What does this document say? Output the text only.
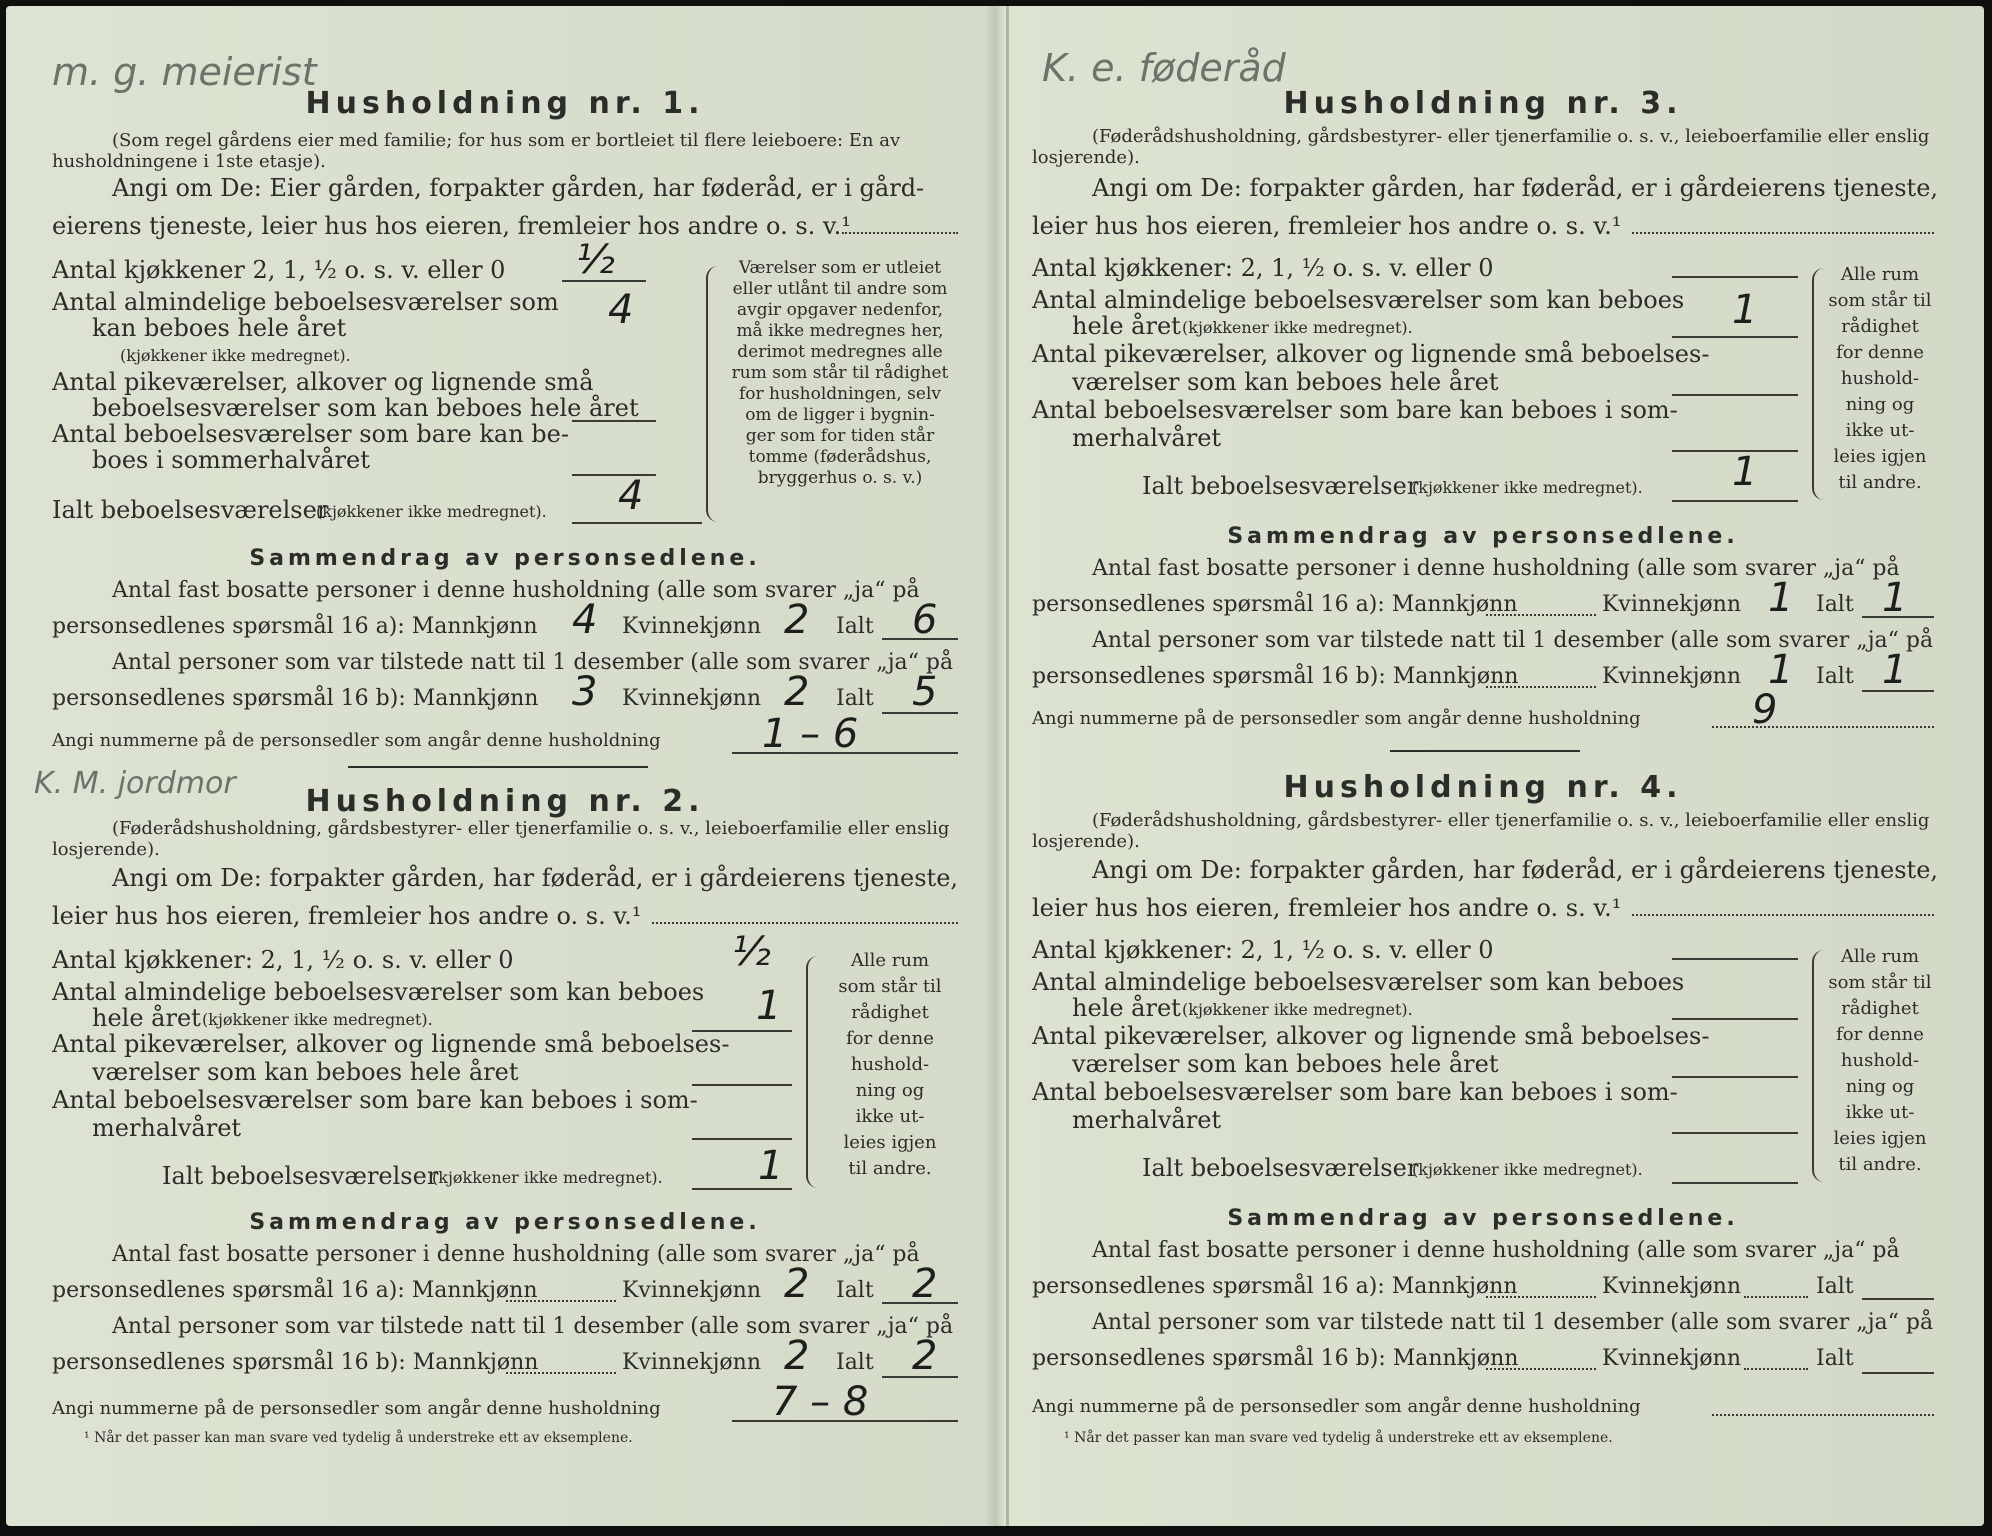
m. g. meierist
Husholdning nr. 1.
(Som regel gårdens eier med familie; for hus som er bortleiet til flere leieboere: En av husholdningene i 1ste etasje).
Angi om De: Eier gården, forpakter gården, har føderåd, er i gård-
eierens tjeneste, leier hus hos eieren, fremleier hos andre o. s. v.¹
Antal kjøkkener 2, 1, ½ o. s. v. eller 0 ½
Antal almindelige beboelsesværelser som
kan beboes hele året
(kjøkkener ikke medregnet).
4
Antal pikeværelser, alkover og lignende små
beboelsesværelser som kan beboes hele året
Antal beboelsesværelser som bare kan be-
boes i sommerhalvåret
Ialt beboelsesværelser
(kjøkkener ikke medregnet). 4
Værelser som er utleiet
eller utlånt til andre som
avgir opgaver nedenfor,
må ikke medregnes her,
derimot medregnes alle
rum som står til rådighet
for husholdningen, selv
om de ligger i bygnin-
ger som for tiden står
tomme (føderådshus,
bryggerhus o. s. v.)
Sammendrag av personsedlene.
Antal fast bosatte personer i denne husholdning (alle som svarer „ja“ på
personsedlenes spørsmål 16 a): Mannkjønn 4 Kvinnekjønn 2 Ialt 6
Antal personer som var tilstede natt til 1 desember (alle som svarer „ja“ på
personsedlenes spørsmål 16 b): Mannkjønn 3 Kvinnekjønn 2 Ialt 5
Angi nummerne på de personsedler som angår denne husholdning	1 – 6
K. M. jordmor
Husholdning nr. 2.
(Føderådshusholdning, gårdsbestyrer- eller tjenerfamilie o. s. v., leieboerfamilie eller enslig losjerende).
Angi om De: forpakter gården, har føderåd, er i gårdeierens tjeneste,
leier hus hos eieren, fremleier hos andre o. s. v.¹
Antal kjøkkener: 2, 1, ½ o. s. v. eller 0	½
Antal almindelige beboelsesværelser som kan beboes
hele året (kjøkkener ikke medregnet).	1
Antal pikeværelser, alkover og lignende små beboelses-
værelser som kan beboes hele året
Antal beboelsesværelser som bare kan beboes i som-
merhalvåret
Ialt beboelsesværelser
(kjøkkener ikke medregnet). 1
Alle rum
som står til
rådighet
for denne
hushold-
ning og
ikke ut-
leies igjen
til andre.
Sammendrag av personsedlene.
Antal fast bosatte personer i denne husholdning (alle som svarer „ja“ på
personsedlenes spørsmål 16 a): Mannkjønn	Kvinnekjønn 2 Ialt 2
Antal personer som var tilstede natt til 1 desember (alle som svarer „ja“ på
personsedlenes spørsmål 16 b): Mannkjønn	Kvinnekjønn 2 Ialt 2
Angi nummerne på de personsedler som angår denne husholdning	7 – 8
¹ Når det passer kan man svare ved tydelig å understreke ett av eksemplene.
K. e. føderåd
Husholdning nr. 3.
(Føderådshusholdning, gårdsbestyrer- eller tjenerfamilie o. s. v., leieboerfamilie eller enslig losjerende).
Angi om De: forpakter gården, har føderåd, er i gårdeierens tjeneste,
leier hus hos eieren, fremleier hos andre o. s. v.¹
Antal kjøkkener: 2, 1, ½ o. s. v. eller 0
Antal almindelige beboelsesværelser som kan beboes
hele året (kjøkkener ikke medregnet).	1
Antal pikeværelser, alkover og lignende små beboelses-
værelser som kan beboes hele året
Antal beboelsesværelser som bare kan beboes i som-
merhalvåret
Ialt beboelsesværelser
(kjøkkener ikke medregnet). 1
Alle rum
som står til
rådighet
for denne
hushold-
ning og
ikke ut-
leies igjen
til andre.
Sammendrag av personsedlene.
Antal fast bosatte personer i denne husholdning (alle som svarer „ja“ på
personsedlenes spørsmål 16 a): Mannkjønn	Kvinnekjønn 1 Ialt 1
Antal personer som var tilstede natt til 1 desember (alle som svarer „ja“ på
personsedlenes spørsmål 16 b): Mannkjønn	Kvinnekjønn 1 Ialt 1
Angi nummerne på de personsedler som angår denne husholdning	9
Husholdning nr. 4.
(Føderådshusholdning, gårdsbestyrer- eller tjenerfamilie o. s. v., leieboerfamilie eller enslig losjerende).
Angi om De: forpakter gården, har føderåd, er i gårdeierens tjeneste,
leier hus hos eieren, fremleier hos andre o. s. v.¹
Antal kjøkkener: 2, 1, ½ o. s. v. eller 0
Antal almindelige beboelsesværelser som kan beboes
hele året (kjøkkener ikke medregnet).
Antal pikeværelser, alkover og lignende små beboelses-
værelser som kan beboes hele året
Antal beboelsesværelser som bare kan beboes i som-
merhalvåret
Ialt beboelsesværelser
(kjøkkener ikke medregnet).
Alle rum
som står til
rådighet
for denne
hushold-
ning og
ikke ut-
leies igjen
til andre.
Sammendrag av personsedlene.
Antal fast bosatte personer i denne husholdning (alle som svarer „ja“ på
personsedlenes spørsmål 16 a): Mannkjønn	Kvinnekjønn	Ialt
Antal personer som var tilstede natt til 1 desember (alle som svarer „ja“ på
personsedlenes spørsmål 16 b): Mannkjønn	Kvinnekjønn	Ialt
Angi nummerne på de personsedler som angår denne husholdning
¹ Når det passer kan man svare ved tydelig å understreke ett av eksemplene.
